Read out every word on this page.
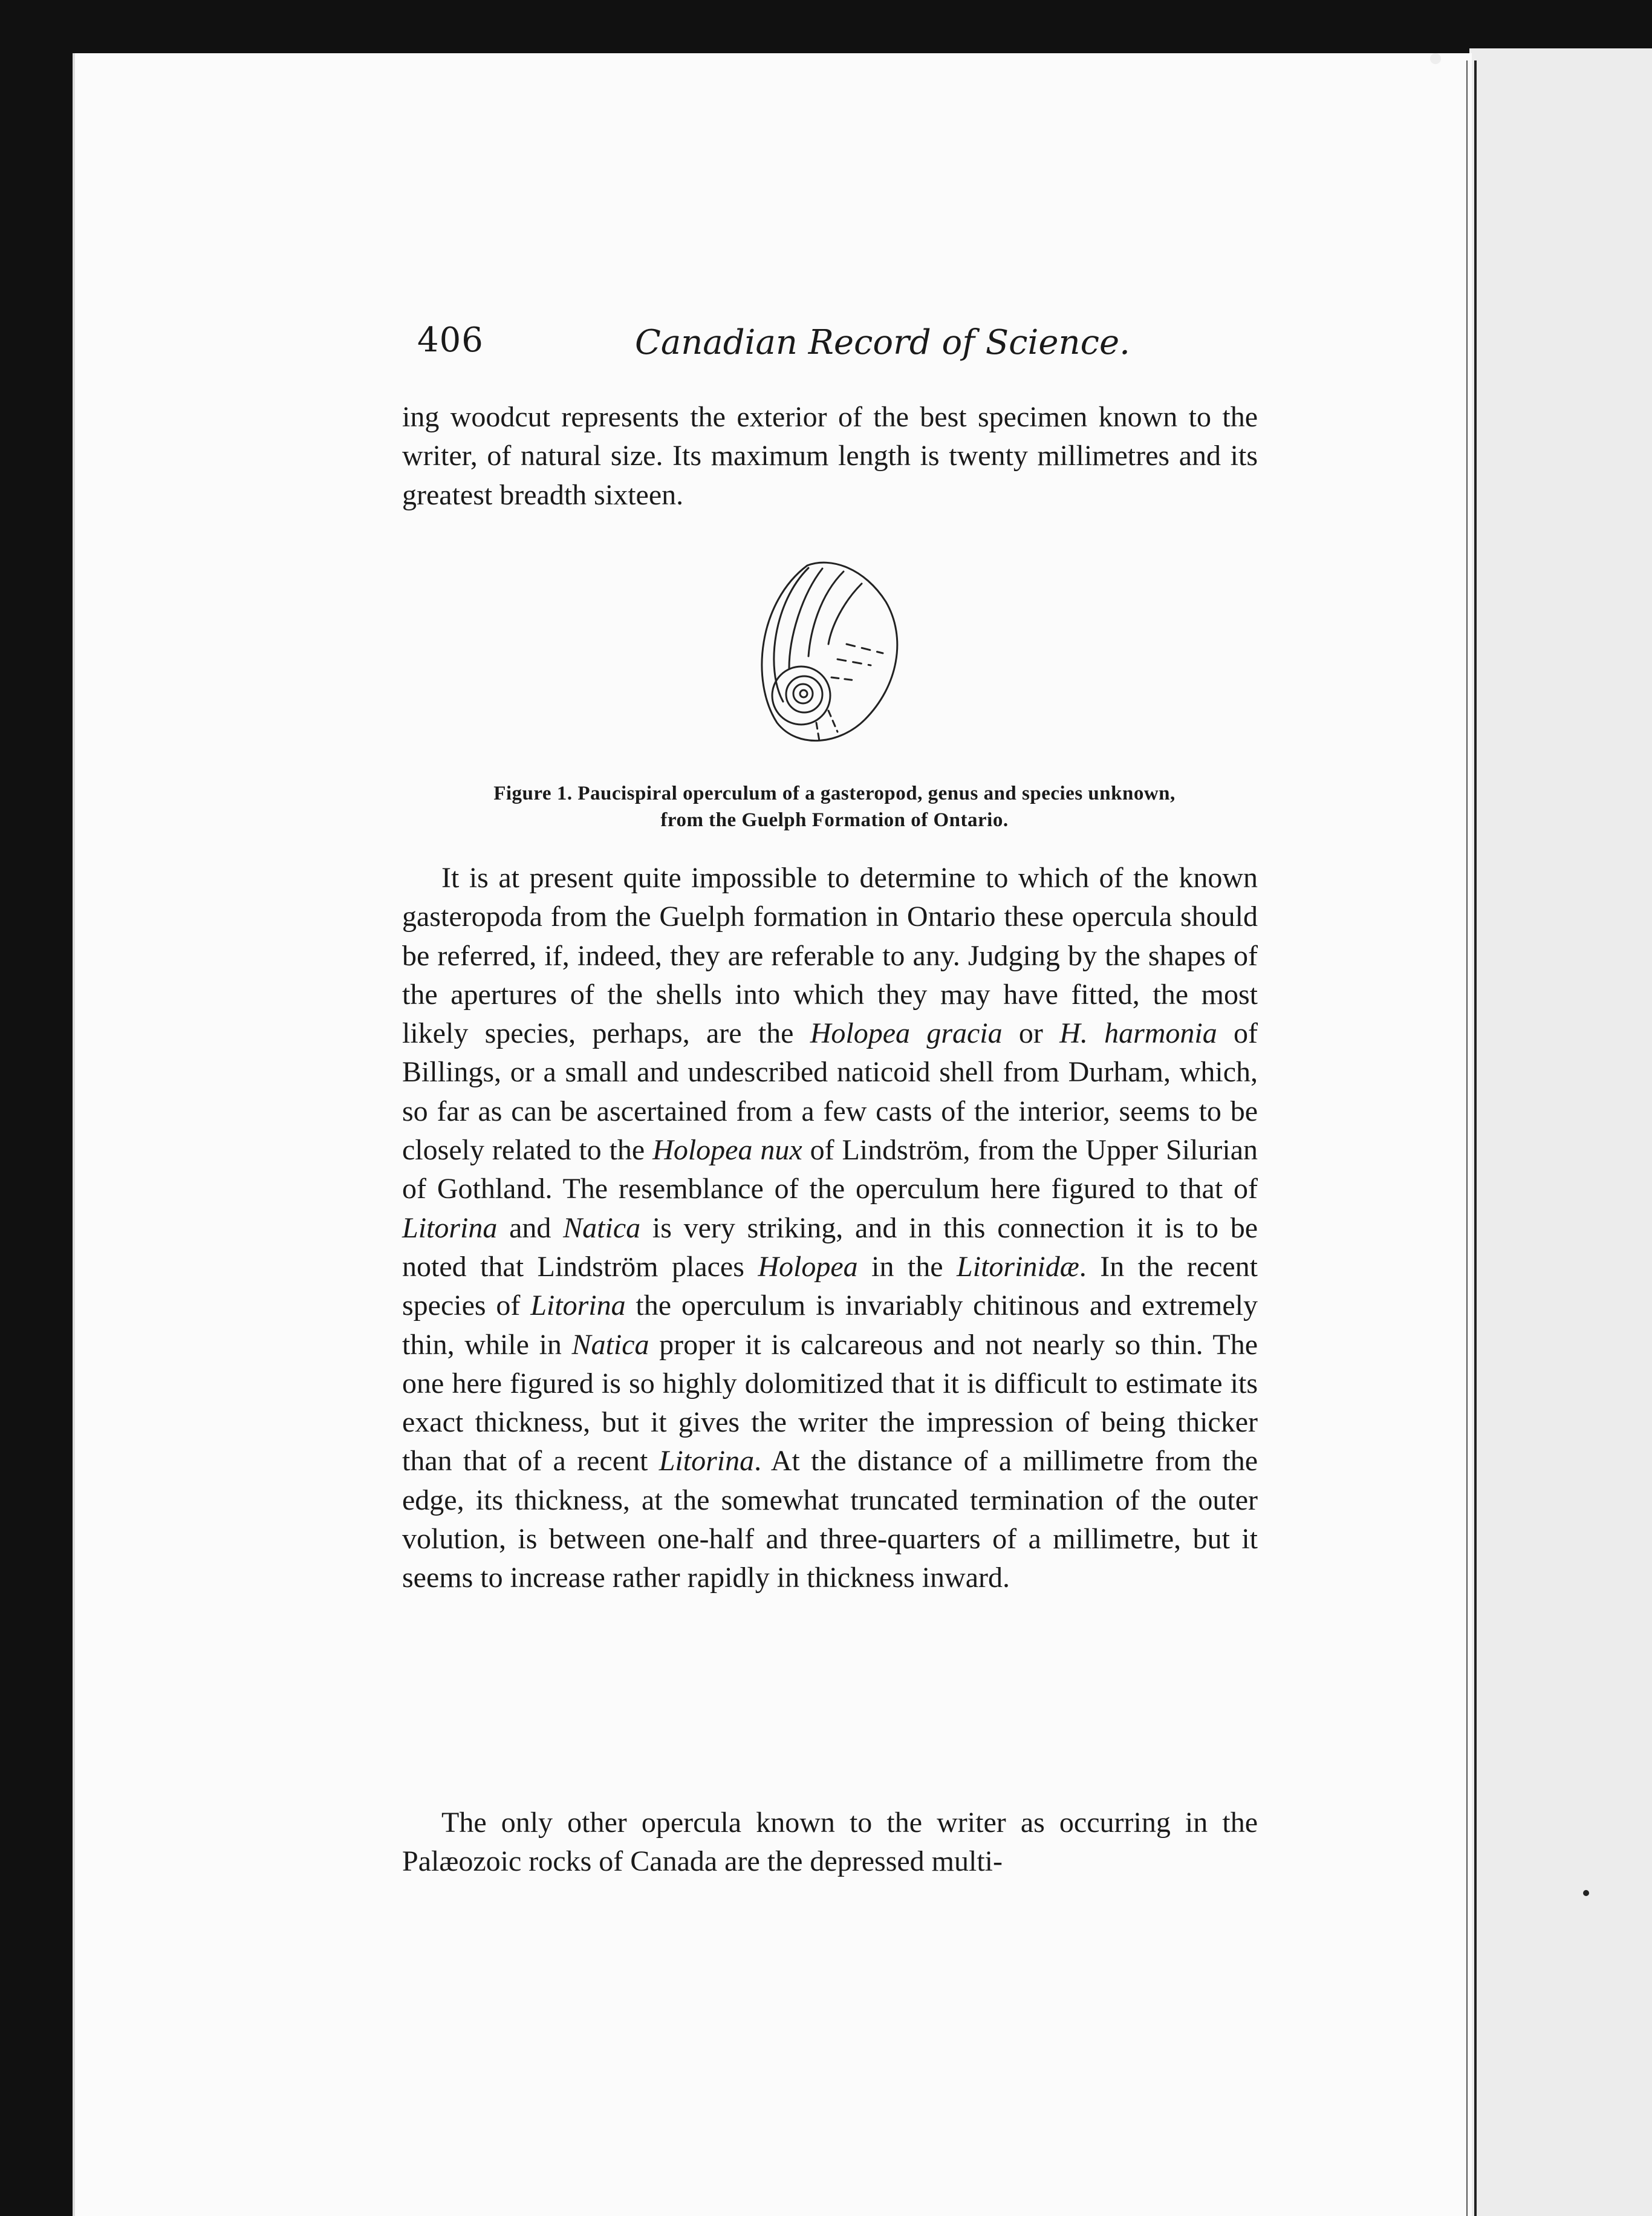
406	Canadian Record of Science.

ing woodcut represents the exterior of the best specimen known to the writer, of natural size. Its maximum length is twenty millimetres and its greatest breadth sixteen.

Figure 1. Paucispiral operculum of a gasteropod, genus and species unknown,
from the Guelph Formation of Ontario.

It is at present quite impossible to determine to which of the known gasteropoda from the Guelph formation in Ontario these opercula should be referred, if, indeed, they are referable to any. Judging by the shapes of the apertures of the shells into which they may have fitted, the most likely species, perhaps, are the Holopea gracia or H. harmonia of Billings, or a small and undescribed naticoid shell from Durham, which, so far as can be ascertained from a few casts of the interior, seems to be closely related to the Holopea nux of Lindström, from the Upper Silurian of Gothland. The resemblance of the operculum here figured to that of Litorina and Natica is very striking, and in this connection it is to be noted that Lindström places Holopea in the Litorinidæ. In the recent species of Litorina the operculum is invariably chitinous and extremely thin, while in Natica proper it is calcareous and not nearly so thin. The one here figured is so highly dolomitized that it is difficult to estimate its exact thickness, but it gives the writer the impression of being thicker than that of a recent Litorina. At the distance of a millimetre from the edge, its thickness, at the somewhat truncated termination of the outer volution, is between one-half and three-quarters of a millimetre, but it seems to increase rather rapidly in thickness inward.

The only other opercula known to the writer as occurring in the Palæozoic rocks of Canada are the depressed multi-
